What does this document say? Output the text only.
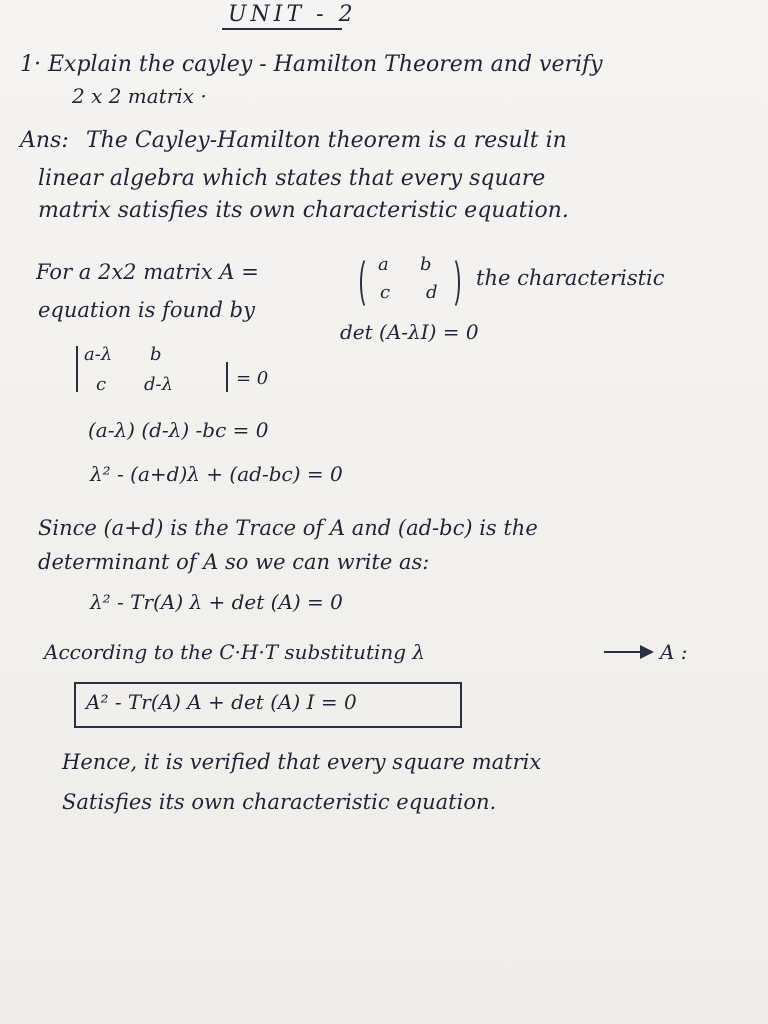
UNIT - 2
1· Explain the cayley - Hamilton Theorem and verify
2 x 2 matrix ·
Ans: The Cayley-Hamilton theorem is a result in
linear algebra which states that every square
matrix satisfies its own characteristic equation.
For a 2x2 matrix A =	a b
c d
the characteristic
equation is found by
det (A-λI) = 0
a-λ b
c d-λ	= 0
(a-λ) (d-λ) -bc = 0
λ² - (a+d)λ + (ad-bc) = 0
Since (a+d) is the Trace of A and (ad-bc) is the
determinant of A so we can write as:
λ² - Tr(A) λ + det (A) = 0
According to the C·H·T substituting λ	A :
A² - Tr(A) A + det (A) I = 0
Hence, it is verified that every square matrix
Satisfies its own characteristic equation.
